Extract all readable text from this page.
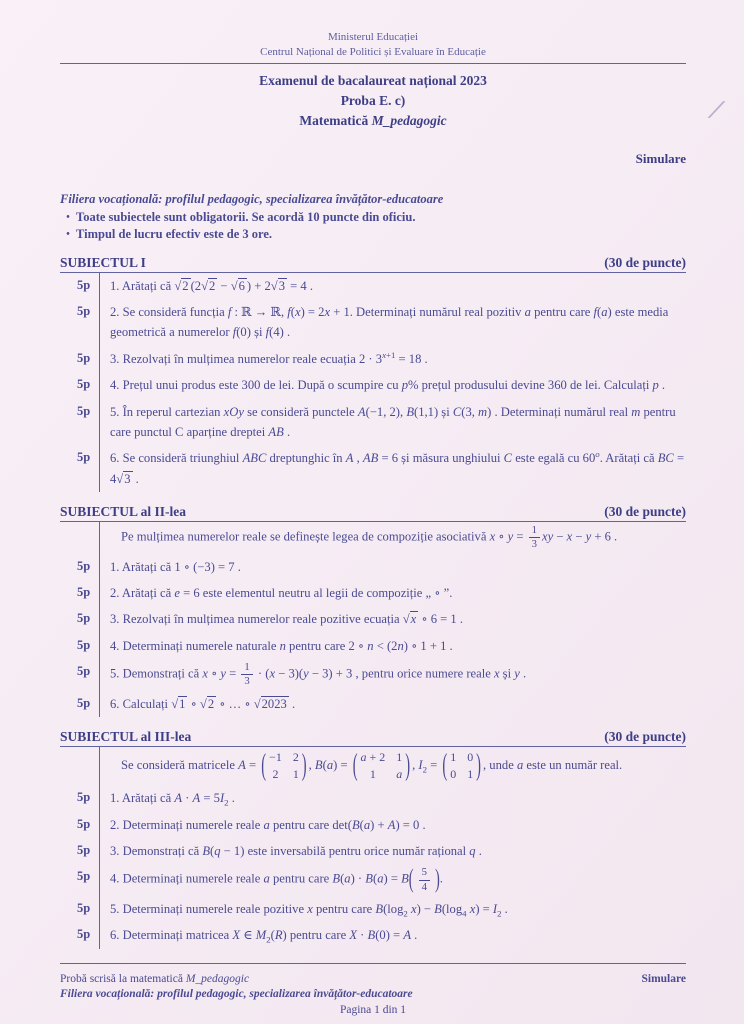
Ministerul Educației
Centrul Național de Politici și Evaluare în Educație
Examenul de bacalaureat național 2023
Proba E. c)
Matematică M_pedagogic
Simulare
Filiera vocațională: profilul pedagogic, specializarea învățător-educatoare
• Toate subiectele sunt obligatorii. Se acordă 10 puncte din oficiu.
• Timpul de lucru efectiv este de 3 ore.
SUBIECTUL I	(30 de puncte)
5p	1. Arătați că √2 (2√2 − √6 ) + 2√3 = 4 .
5p	2. Se consideră funcția f : ℝ → ℝ, f(x) = 2x + 1. Determinați numărul real pozitiv a pentru care f(a) este media geometrică a numerelor f(0) și f(4) .
5p	3. Rezolvați în mulțimea numerelor reale ecuația $2 \cdot 3^{x+1} = 18$ .
5p	4. Prețul unui produs este 300 de lei. După o scumpire cu p% prețul produsului devine 360 de lei. Calculați p .
5p	5. În reperul cartezian xOy se consideră punctele A(−1, 2), B(1,1) și C(3, m) . Determinați numărul real m pentru care punctul C aparține dreptei AB .
5p	6. Se consideră triunghiul ABC dreptunghic în A , AB = 6 și măsura unghiului C este egală cu 60$^o$. Arătați că BC = 4√3 .
SUBIECTUL al II-lea	(30 de puncte)
Pe mulțimea numerelor reale se definește legea de compoziție asociativă x ∘ $y = \frac{1}{3}$ xy − x − y + 6 .
5p	1. Arătați că 1 ∘ (−3) = 7 .
5p	2. Arătați că e = 6 este elementul neutru al legii de compoziție „ ∘ ”.
5p	3. Rezolvați în mulțimea numerelor reale pozitive ecuația √x ∘ 6 = 1 .
5p	4. Determinați numerele naturale n pentru care 2 ∘ n < (2n) ∘ 1 + 1 .
5p	5. Demonstrați că x ∘ $y = \frac{1}{3} \cdot (x - 3)(y - 3) + 3$ , pentru orice numere reale x și y .
5p	6. Calculați √1 ∘ √2 ∘ … ∘ √2023 .
SUBIECTUL al III-lea	(30 de puncte)
Se consideră matricele A = ( −1 2
2 1 ) , B(a) = ( a + 2 1
1	a ) , $I_2$ = ( 1 0
0 1 ) , unde a este un număr real.
5p	1. Arătați că $A \cdot A = 5I_2$ .
5p	2. Determinați numerele reale a pentru care det(B(a) + A) = 0 .
5p	3. Demonstrați că B(q − 1) este inversabilă pentru orice număr rațional q .
5p	4. Determinați numerele reale a pentru care B(a) · B(a) = B ( $\frac{5}{4}$ ) .
5p	5. Determinați numerele reale pozitive x pentru care $B(\log_2$ $x) - B(\log_4$ $x) = I_2$ .
5p	6. Determinați matricea X ∈ $M_2(R)$ pentru care X · B(0) = A .
Probă scrisă la matematică M_pedagogic	Simulare
Filiera vocațională: profilul pedagogic, specializarea învățător-educatoare
Pagina 1 din 1
⁄
